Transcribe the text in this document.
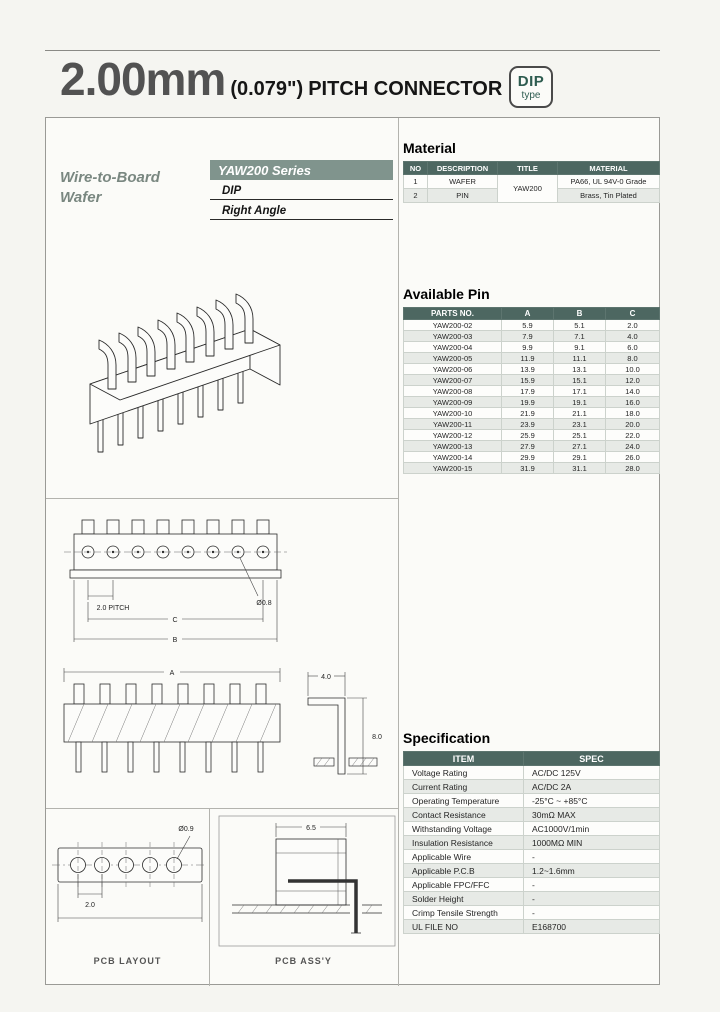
2.00mm (0.079") PITCH CONNECTOR DIP
type
Wire-to-Board
Wafer
YAW200 Series
DIP
Right Angle
2.0 PITCH
Ø0.8
C
B
A
4.0
8.0
Ø0.9
2.0
6.5
PCB LAYOUT	PCB ASS'Y
Material
NO	DESCRIPTION	TITLE	MATERIAL
1	WAFER	YAW200	PA66, UL 94V-0 Grade
2	PIN		Brass, Tin Plated
Available Pin
PARTS NO.	A	B	C
YAW200-02	5.9	5.1	2.0
YAW200-03	7.9	7.1	4.0
YAW200-04	9.9	9.1	6.0
YAW200-05	11.9	11.1	8.0
YAW200-06	13.9	13.1	10.0
YAW200-07	15.9	15.1	12.0
YAW200-08	17.9	17.1	14.0
YAW200-09	19.9	19.1	16.0
YAW200-10	21.9	21.1	18.0
YAW200-11	23.9	23.1	20.0
YAW200-12	25.9	25.1	22.0
YAW200-13	27.9	27.1	24.0
YAW200-14	29.9	29.1	26.0
YAW200-15	31.9	31.1	28.0
Specification
ITEM	SPEC
Voltage Rating	AC/DC 125V
Current Rating	AC/DC 2A
Operating Temperature	-25°C ~ +85°C
Contact Resistance	30mΩ MAX
Withstanding Voltage	AC1000V/1min
Insulation Resistance	1000MΩ MIN
Applicable Wire	-
Applicable P.C.B	1.2~1.6mm
Applicable FPC/FFC	-
Solder Height	-
Crimp Tensile Strength	-
UL FILE NO	E168700
